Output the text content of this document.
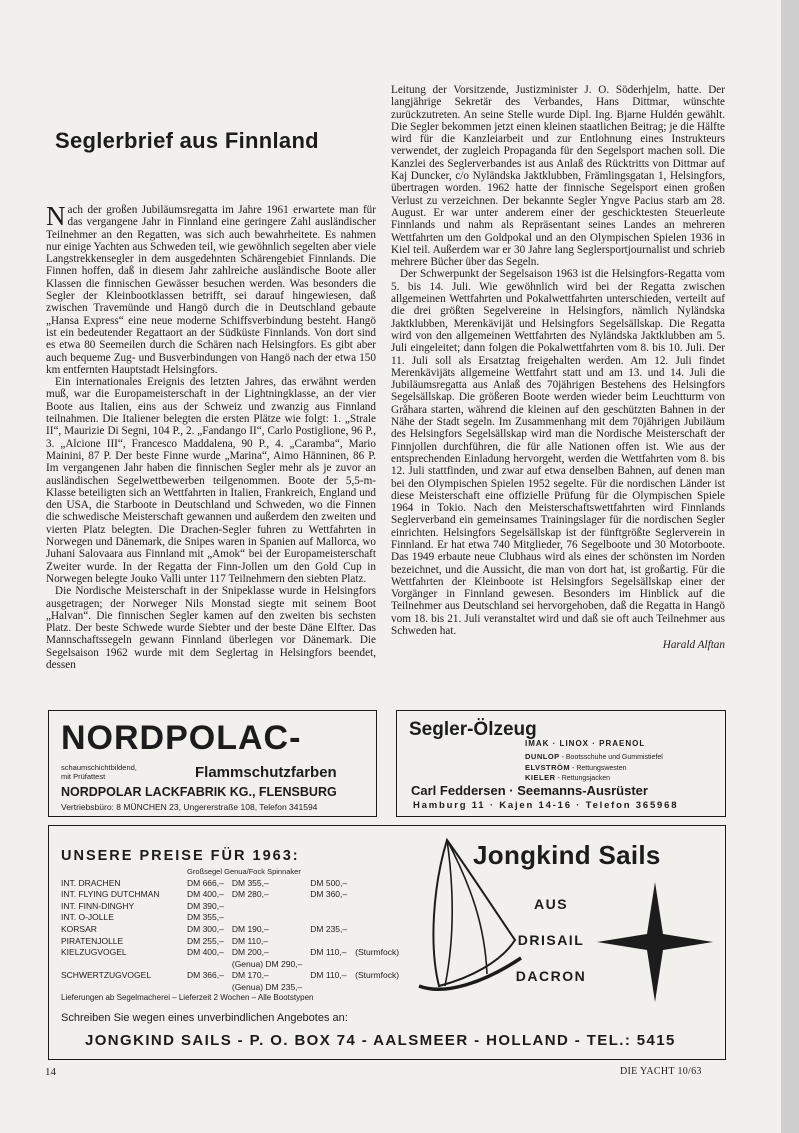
Seglerbrief aus Finnland

Nach der großen Jubiläumsregatta im Jahre 1961 erwartete man für das vergangene Jahr in Finnland eine geringere Zahl ausländischer Teilnehmer an den Regatten, was sich auch bewahrheitete. Es nahmen nur einige Yachten aus Schweden teil, wie gewöhnlich segelten aber viele Langstrekkensegler in dem ausgedehnten Schärengebiet Finnlands. Die Finnen hoffen, daß in diesem Jahr zahlreiche ausländische Boote aller Klassen die finnischen Gewässer besuchen werden. Was besonders die Segler der Kleinbootklassen betrifft, sei darauf hingewiesen, daß zwischen Travemünde und Hangö durch die in Deutschland gebaute „Hansa Express“ eine neue moderne Schiffsverbindung besteht. Hangö ist ein bedeutender Regattaort an der Südküste Finnlands. Von dort sind es etwa 80 Seemeilen durch die Schären nach Helsingfors. Es gibt aber auch bequeme Zug- und Busverbindungen von Hangö nach der etwa 150 km entfernten Hauptstadt Helsingfors.

Ein internationales Ereignis des letzten Jahres, das erwähnt werden muß, war die Europameisterschaft in der Lightningklasse, an der vier Boote aus Italien, eins aus der Schweiz und zwanzig aus Finnland teilnahmen. Die Italiener belegten die ersten Plätze wie folgt: 1. „Strale II“, Maurizie Di Segni, 104 P., 2. „Fandango II“, Carlo Postiglione, 96 P., 3. „Alcione III“, Francesco Maddalena, 90 P., 4. „Caramba“, Mario Mainini, 87 P. Der beste Finne wurde „Marina“, Aimo Hänninen, 86 P. Im vergangenen Jahr haben die finnischen Segler mehr als je zuvor an ausländischen Segelwettbewerben teilgenommen. Boote der 5,5-m-Klasse beteiligten sich an Wettfahrten in Italien, Frankreich, England und den USA, die Starboote in Deutschland und Schweden, wo die Finnen die schwedische Meisterschaft gewannen und außerdem den zweiten und vierten Platz belegten. Die Drachen-Segler fuhren zu Wettfahrten in Norwegen und Dänemark, die Snipes waren in Spanien auf Mallorca, wo Juhani Salovaara aus Finnland mit „Amok“ bei der Europameisterschaft Zweiter wurde. In der Regatta der Finn-Jollen um den Gold Cup in Norwegen belegte Jouko Valli unter 117 Teilnehmern den siebten Platz.

Die Nordische Meisterschaft in der Snipeklasse wurde in Helsingfors ausgetragen; der Norweger Nils Monstad siegte mit seinem Boot „Halvan“. Die finnischen Segler kamen auf den zweiten bis sechsten Platz. Der beste Schwede wurde Siebter und der beste Däne Elfter. Das Mannschaftssegeln gewann Finnland überlegen vor Dänemark. Die Segelsaison 1962 wurde mit dem Seglertag in Helsingfors beendet, dessen

Leitung der Vorsitzende, Justizminister J. O. Söderhjelm, hatte. Der langjährige Sekretär des Verbandes, Hans Dittmar, wünschte zurückzutreten. An seine Stelle wurde Dipl. Ing. Bjarne Huldén gewählt. Die Segler bekommen jetzt einen kleinen staatlichen Beitrag; je die Hälfte wird für die Kanzleiarbeit und zur Entlohnung eines Instrukteurs verwendet, der zugleich Propaganda für den Segelsport machen soll. Die Kanzlei des Seglerverbandes ist aus Anlaß des Rücktritts von Dittmar auf Kaj Duncker, c/o Nyländska Jaktklubben, Främlingsgatan 1, Helsingfors, übertragen worden. 1962 hatte der finnische Segelsport einen großen Verlust zu verzeichnen. Der bekannte Segler Yngve Pacius starb am 28. August. Er war unter anderem einer der geschicktesten Steuerleute Finnlands und nahm als Repräsentant seines Landes an mehreren Wettfahrten um den Goldpokal und an den Olympischen Spielen 1936 in Kiel teil. Außerdem war er 30 Jahre lang Seglersportjournalist und schrieb mehrere Bücher über das Segeln.

Der Schwerpunkt der Segelsaison 1963 ist die Helsingfors-Regatta vom 5. bis 14. Juli. Wie gewöhnlich wird bei der Regatta zwischen allgemeinen Wettfahrten und Pokalwettfahrten unterschieden, verteilt auf die drei größten Segelvereine in Helsingfors, nämlich Nyländska Jaktklubben, Merenkävijät und Helsingfors Segelsällskap. Die Regatta wird von den allgemeinen Wettfahrten des Nyländska Jaktklubben am 5. Juli eingeleitet; dann folgen die Pokalwettfahrten vom 8. bis 10. Juli. Der 11. Juli soll als Ersatztag freigehalten werden. Am 12. Juli findet Merenkävijäts allgemeine Wettfahrt statt und am 13. und 14. Juli die Jubiläumsregatta aus Anlaß des 70jährigen Bestehens des Helsingfors Segelsällskap. Die größeren Boote werden wieder beim Leuchtturm von Gråhara starten, während die kleinen auf den geschützten Bahnen in der Nähe der Stadt segeln. Im Zusammenhang mit dem 70jährigen Jubiläum des Helsingfors Segelsällskap wird man die Nordische Meisterschaft der Finnjollen durchführen, die für alle Nationen offen ist. Wie aus der entsprechenden Einladung hervorgeht, werden die Wettfahrten vom 8. bis 12. Juli stattfinden, und zwar auf etwa denselben Bahnen, auf denen man bei den Olympischen Spielen 1952 segelte. Für die nordischen Länder ist diese Meisterschaft eine offizielle Prüfung für die Olympischen Spiele 1964 in Tokio. Nach den Meisterschaftswettfahrten wird Finnlands Seglerverband ein gemeinsames Trainingslager für die nordischen Segler einrichten. Helsingfors Segelsällskap ist der fünftgrößte Seglerverein in Finnland. Er hat etwa 740 Mitglieder, 76 Segelboote und 30 Motorboote. Das 1949 erbaute neue Clubhaus wird als eines der schönsten im Norden bezeichnet, und die Aussicht, die man von dort hat, ist großartig. Für die Wettfahrten der Kleinboote ist Helsingfors Segelsällskap einer der Vorgänger in Finnland gewesen. Besonders im Hinblick auf die Teilnehmer aus Deutschland sei hervorgehoben, daß die Regatta in Hangö vom 18. bis 21. Juli veranstaltet wird und daß sie oft auch Teilnehmer aus Schweden hat.

Harald Alftan
NORDPOLAC-
schaumschichtbildend,
mit Prüfattest	Flammschutzfarben
NORDPOLAR LACKFABRIK KG., FLENSBURG
Vertriebsbüro: 8 MÜNCHEN 23, Ungererstraße 108, Telefon 341594
Segler-Ölzeug
IMAK · LINOX · PRAENOL
DUNLOP - Bootsschuhe und Gummistiefel
ELVSTRÖM - Rettungswesten
KIELER - Rettungsjacken
Carl Feddersen · Seemanns-Ausrüster
Hamburg 11 · Kajen 14-16 · Telefon 365968
UNSERE PREISE FÜR 1963:
	Großsegel Genua/Fock Spinnaker			
INT. DRACHEN	DM 666,–	DM 355,–	DM 500,–	
INT. FLYING DUTCHMAN	DM 400,–	DM 280,–	DM 360,–	
INT. FINN-DINGHY	DM 390,–			
INT. O-JOLLE	DM 355,–			
KORSAR	DM 300,–	DM 190,–	DM 235,–	
PIRATENJOLLE	DM 255,–	DM 110,–		
KIELZUGVOGEL	DM 400,–	DM 200,–	DM 110,–	(Sturmfock)
		(Genua) DM 290,–		
SCHWERTZUGVOGEL	DM 366,–	DM 170,–	DM 110,–	(Sturmfock)
		(Genua) DM 235,–		
Lieferungen ab Segelmacherei – Lieferzeit 2 Wochen – Alle Bootstypen
Schreiben Sie wegen eines unverbindlichen Angebotes an:
JONGKIND SAILS - P. O. BOX 74 - AALSMEER - HOLLAND - TEL.: 5415
Jongkind Sails
AUS
DRISAIL
DACRON
14	DIE YACHT 10/63
